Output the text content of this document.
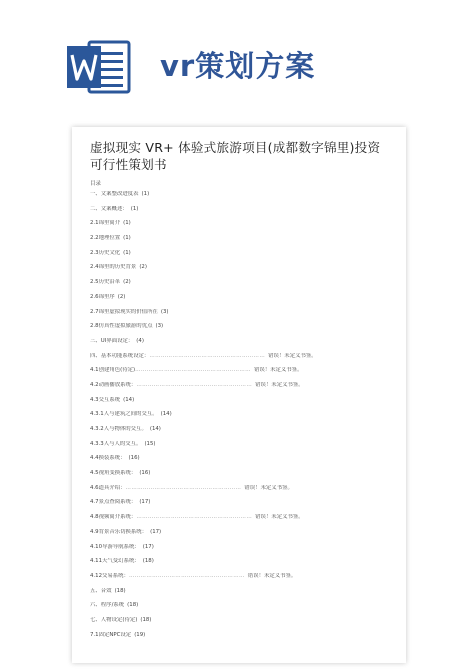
vr策划方案
虚拟现实 VR+ 体验式旅游项目(成都数字锦里)投资可行性策划书
目录
一、文案整改进度表 (1)
二、文案概述： (1)
2.1锦里简介 (1)
2.2地理位置 (1)
2.3历史文化 (1)
2.4锦里的历史背景 (2)
2.5历史沿革 (2)
2.6锦里序 (2)
2.7锦里虚拟现实的价值所在 (3)
2.8仿真性虚拟旅游的优点 (3)
三、UI界面设定： (4)
四、基本功能系统设定：…………………………………………………… 错误！未定义书签。
4.1创建角色(待定)…………………………………………………… 错误！未定义书签。
4.2动画播放系统：…………………………………………………… 错误！未定义书签。
4.3交互系统 (14)
4.3.1人与建筑之间的交互。 (14)
4.3.2人与物体的交互。 (14)
4.3.3人与人的交互。 (15)
4.4换装系统： (16)
4.5视角变换系统： (16)
4.6道具介绍：…………………………………………………… 错误！未定义书签。
4.7景点查阅系统： (17)
4.8视频简介系统：…………………………………………………… 错误！未定义书签。
4.9背景音乐切换系统： (17)
4.10导游导航系统： (17)
4.11天气变幻系统： (18)
4.12交易系统：…………………………………………………… 错误！未定义书签。
五、音效 (18)
六、程序/系统 (18)
七、人物设定(待定) (18)
7.1固定NPC设定 (19)
